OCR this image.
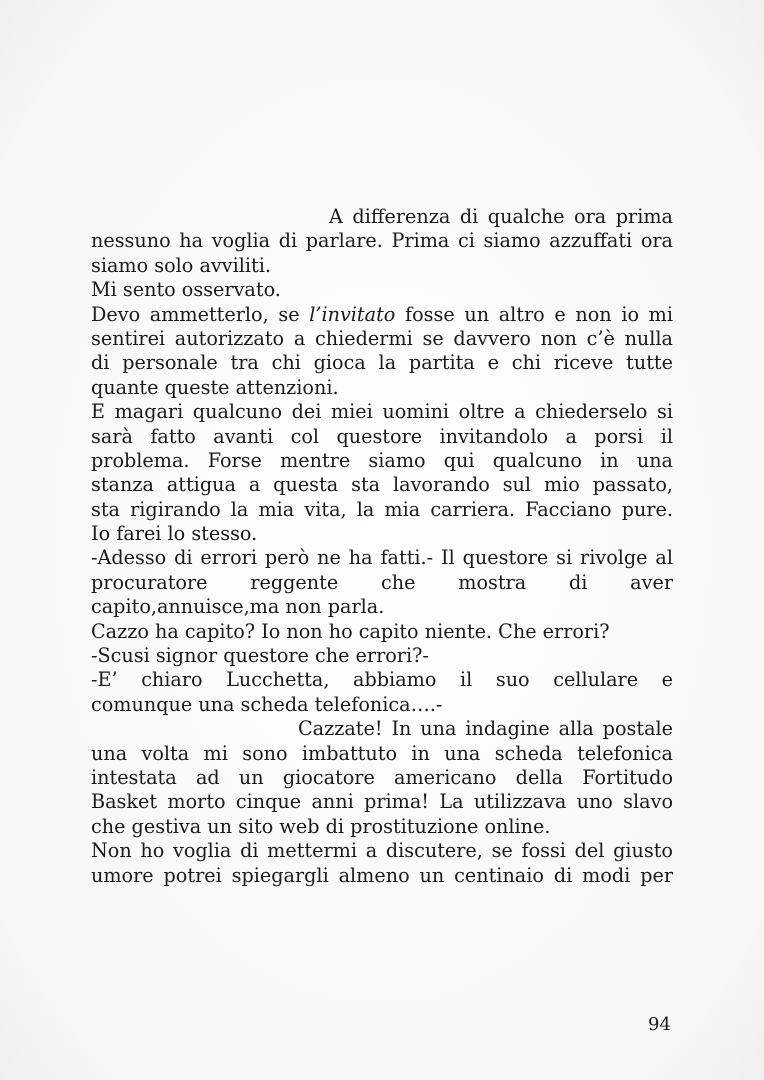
A differenza di qualche ora prima
nessuno ha voglia di parlare. Prima ci siamo azzuffati ora
siamo solo avviliti.
Mi sento osservato.
Devo ammetterlo, se l’invitato fosse un altro e non io mi
sentirei autorizzato a chiedermi se davvero non c’è nulla
di personale tra chi gioca la partita e chi riceve tutte
quante queste attenzioni.
E magari qualcuno dei miei uomini oltre a chiederselo si
sarà fatto avanti col questore invitandolo a porsi il
problema. Forse mentre siamo qui qualcuno in una
stanza attigua a questa sta lavorando sul mio passato,
sta rigirando la mia vita, la mia carriera. Facciano pure.
Io farei lo stesso.
-Adesso di errori però ne ha fatti.- Il questore si rivolge al
procuratore reggente che mostra di aver
capito,annuisce,ma non parla.
Cazzo ha capito? Io non ho capito niente. Che errori?
-Scusi signor questore che errori?-
-E’ chiaro Lucchetta, abbiamo il suo cellulare e
comunque una scheda telefonica….-
Cazzate! In una indagine alla postale
una volta mi sono imbattuto in una scheda telefonica
intestata ad un giocatore americano della Fortitudo
Basket morto cinque anni prima! La utilizzava uno slavo
che gestiva un sito web di prostituzione online.
Non ho voglia di mettermi a discutere, se fossi del giusto
umore potrei spiegargli almeno un centinaio di modi per
94
